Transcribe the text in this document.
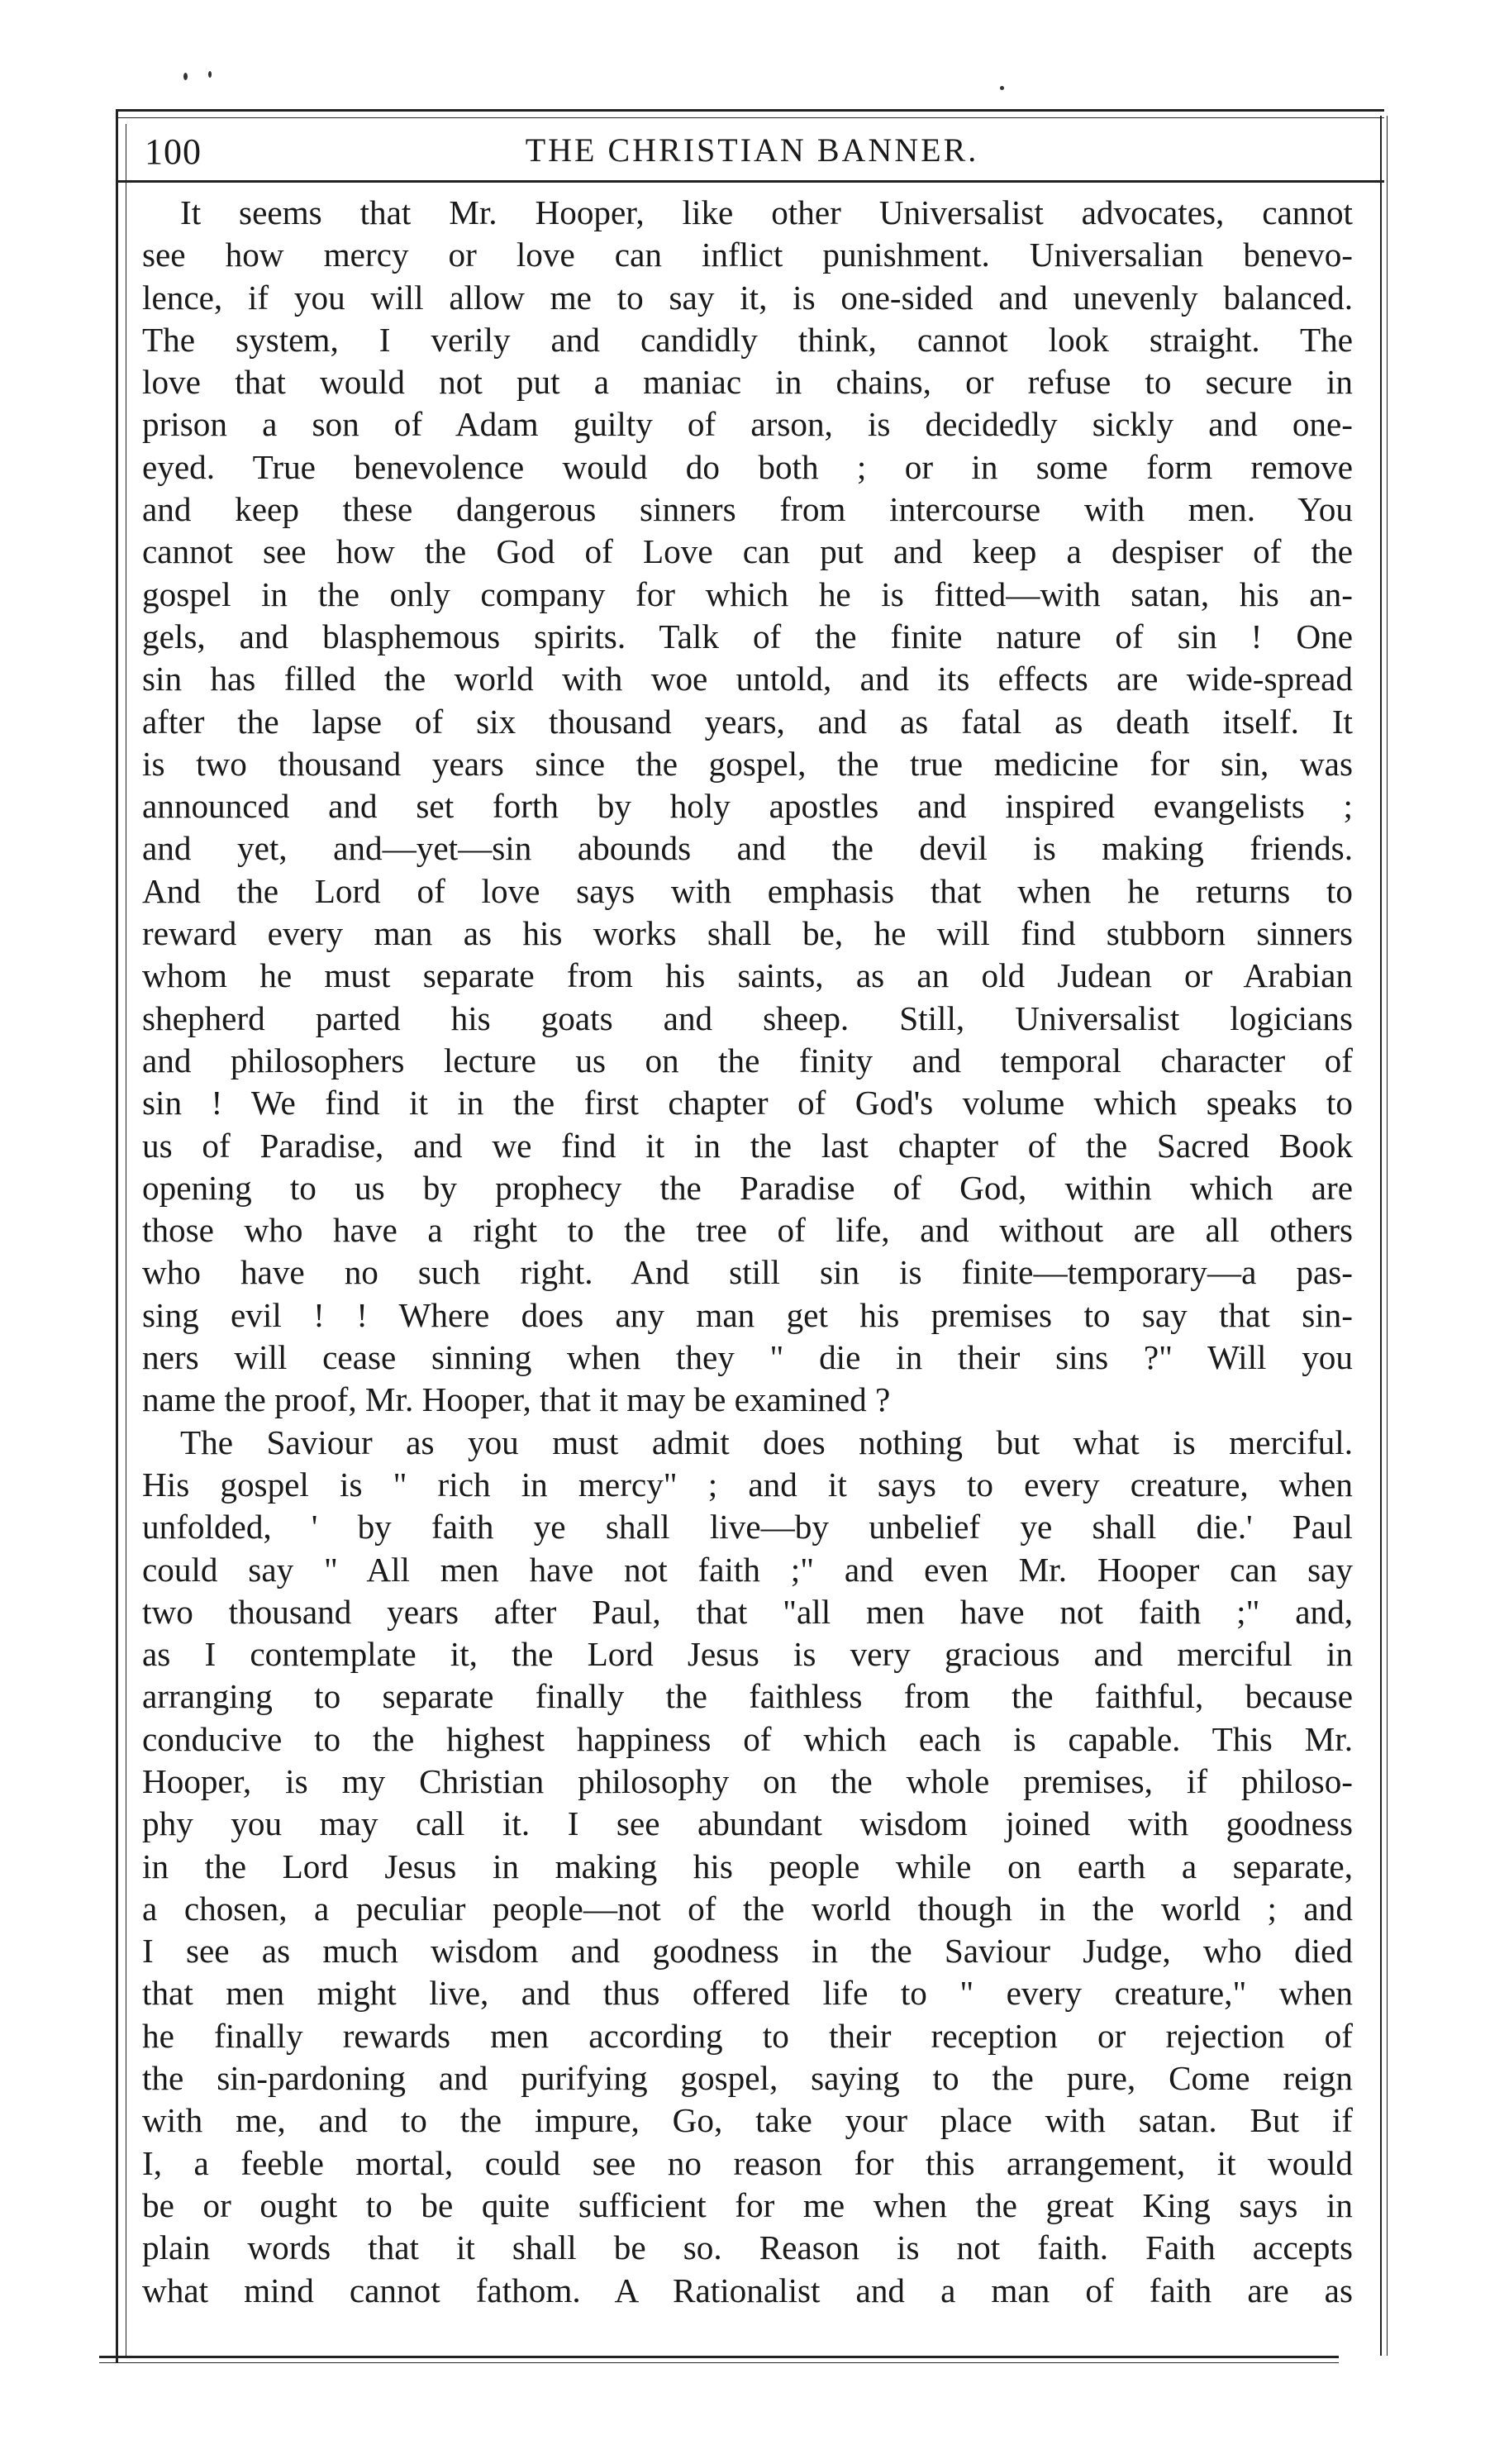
100	THE CHRISTIAN BANNER.
It seems that Mr. Hooper, like other Universalist advocates, cannot
see how mercy or love can inflict punishment. Universalian benevo-
lence, if you will allow me to say it, is one-sided and unevenly balanced.
The system, I verily and candidly think, cannot look straight. The
love that would not put a maniac in chains, or refuse to secure in
prison a son of Adam guilty of arson, is decidedly sickly and one-
eyed. True benevolence would do both ; or in some form remove
and keep these dangerous sinners from intercourse with men. You
cannot see how the God of Love can put and keep a despiser of the
gospel in the only company for which he is fitted—with satan, his an-
gels, and blasphemous spirits. Talk of the finite nature of sin ! One
sin has filled the world with woe untold, and its effects are wide-spread
after the lapse of six thousand years, and as fatal as death itself. It
is two thousand years since the gospel, the true medicine for sin, was
announced and set forth by holy apostles and inspired evangelists ;
and yet, and—yet—sin abounds and the devil is making friends.
And the Lord of love says with emphasis that when he returns to
reward every man as his works shall be, he will find stubborn sinners
whom he must separate from his saints, as an old Judean or Arabian
shepherd parted his goats and sheep. Still, Universalist logicians
and philosophers lecture us on the finity and temporal character of
sin ! We find it in the first chapter of God's volume which speaks to
us of Paradise, and we find it in the last chapter of the Sacred Book
opening to us by prophecy the Paradise of God, within which are
those who have a right to the tree of life, and without are all others
who have no such right. And still sin is finite—temporary—a pas-
sing evil ! ! Where does any man get his premises to say that sin-
ners will cease sinning when they " die in their sins ?" Will you
name the proof, Mr. Hooper, that it may be examined ?
The Saviour as you must admit does nothing but what is merciful.
His gospel is " rich in mercy" ; and it says to every creature, when
unfolded, ' by faith ye shall live—by unbelief ye shall die.' Paul
could say " All men have not faith ;" and even Mr. Hooper can say
two thousand years after Paul, that "all men have not faith ;" and,
as I contemplate it, the Lord Jesus is very gracious and merciful in
arranging to separate finally the faithless from the faithful, because
conducive to the highest happiness of which each is capable. This Mr.
Hooper, is my Christian philosophy on the whole premises, if philoso-
phy you may call it. I see abundant wisdom joined with goodness
in the Lord Jesus in making his people while on earth a separate,
a chosen, a peculiar people—not of the world though in the world ; and
I see as much wisdom and goodness in the Saviour Judge, who died
that men might live, and thus offered life to " every creature," when
he finally rewards men according to their reception or rejection of
the sin-pardoning and purifying gospel, saying to the pure, Come reign
with me, and to the impure, Go, take your place with satan. But if
I, a feeble mortal, could see no reason for this arrangement, it would
be or ought to be quite sufficient for me when the great King says in
plain words that it shall be so. Reason is not faith. Faith accepts
what mind cannot fathom. A Rationalist and a man of faith are as
